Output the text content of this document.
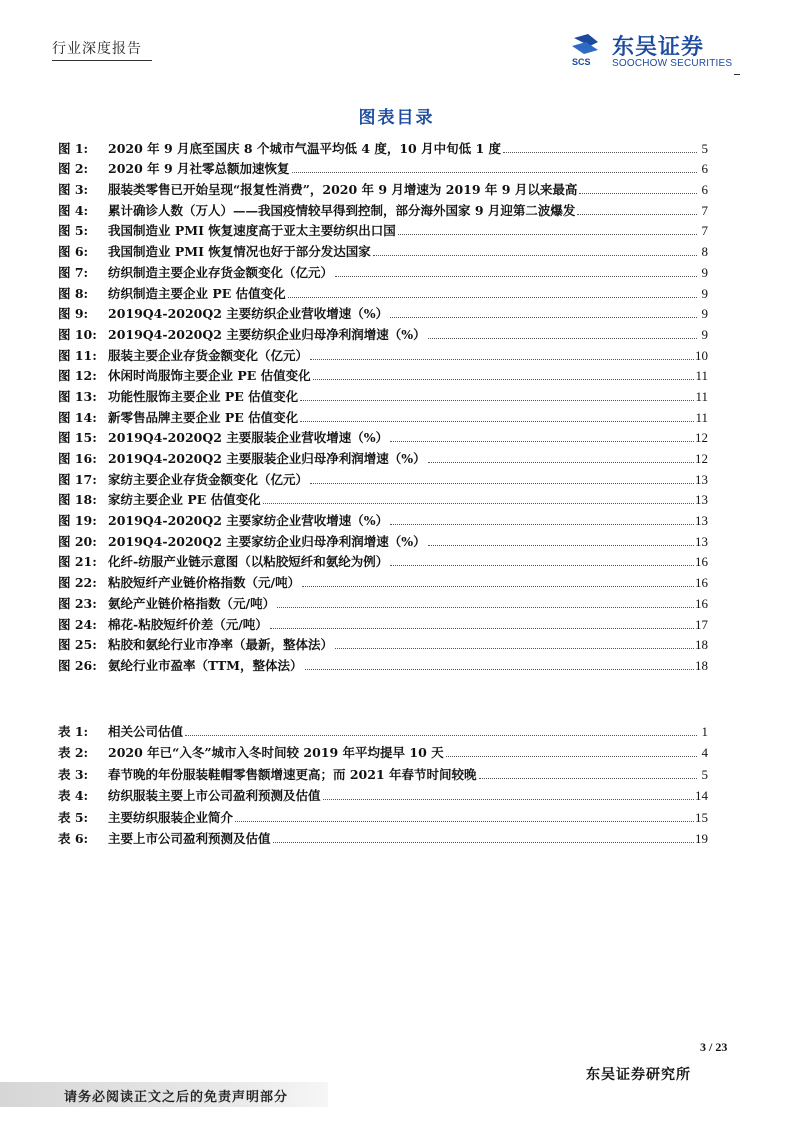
行业深度报告
SCS
东吴证券
SOOCHOW SECURITIES
图表目录
图 1:	2020 年 9 月底至国庆 8 个城市气温平均低 4 度，10 月中旬低 1 度	5
图 2:	2020 年 9 月社零总额加速恢复	6
图 3:	服装类零售已开始呈现“报复性消费”，2020 年 9 月增速为 2019 年 9 月以来最高	6
图 4:	累计确诊人数（万人）——我国疫情较早得到控制，部分海外国家 9 月迎第二波爆发	7
图 5:	我国制造业 PMI 恢复速度高于亚太主要纺织出口国	7
图 6:	我国制造业 PMI 恢复情况也好于部分发达国家	8
图 7:	纺织制造主要企业存货金额变化（亿元）	9
图 8:	纺织制造主要企业 PE 估值变化	9
图 9:	2019Q4-2020Q2 主要纺织企业营收增速（%）	9
图 10: 2019Q4-2020Q2 主要纺织企业归母净利润增速（%）	9
图 11: 服装主要企业存货金额变化（亿元）	10
图 12: 休闲时尚服饰主要企业 PE 估值变化	11
图 13: 功能性服饰主要企业 PE 估值变化	11
图 14: 新零售品牌主要企业 PE 估值变化	11
图 15: 2019Q4-2020Q2 主要服装企业营收增速（%）	12
图 16: 2019Q4-2020Q2 主要服装企业归母净利润增速（%）	12
图 17: 家纺主要企业存货金额变化（亿元）	13
图 18: 家纺主要企业 PE 估值变化	13
图 19: 2019Q4-2020Q2 主要家纺企业营收增速（%）	13
图 20: 2019Q4-2020Q2 主要家纺企业归母净利润增速（%）	13
图 21: 化纤-纺服产业链示意图（以粘胶短纤和氨纶为例）	16
图 22: 粘胶短纤产业链价格指数（元/吨）	16
图 23: 氨纶产业链价格指数（元/吨）	16
图 24: 棉花-粘胶短纤价差（元/吨）	17
图 25: 粘胶和氨纶行业市净率（最新，整体法）	18
图 26: 氨纶行业市盈率（TTM，整体法）	18
表 1:	相关公司估值	1
表 2:	2020 年已“入冬”城市入冬时间较 2019 年平均提早 10 天	4
表 3:	春节晚的年份服装鞋帽零售额增速更高；而 2021 年春节时间较晚	5
表 4:	纺织服装主要上市公司盈利预测及估值	14
表 5:	主要纺织服装企业简介	15
表 6:	主要上市公司盈利预测及估值	19
3 / 23
东吴证券研究所
请务必阅读正文之后的免责声明部分
